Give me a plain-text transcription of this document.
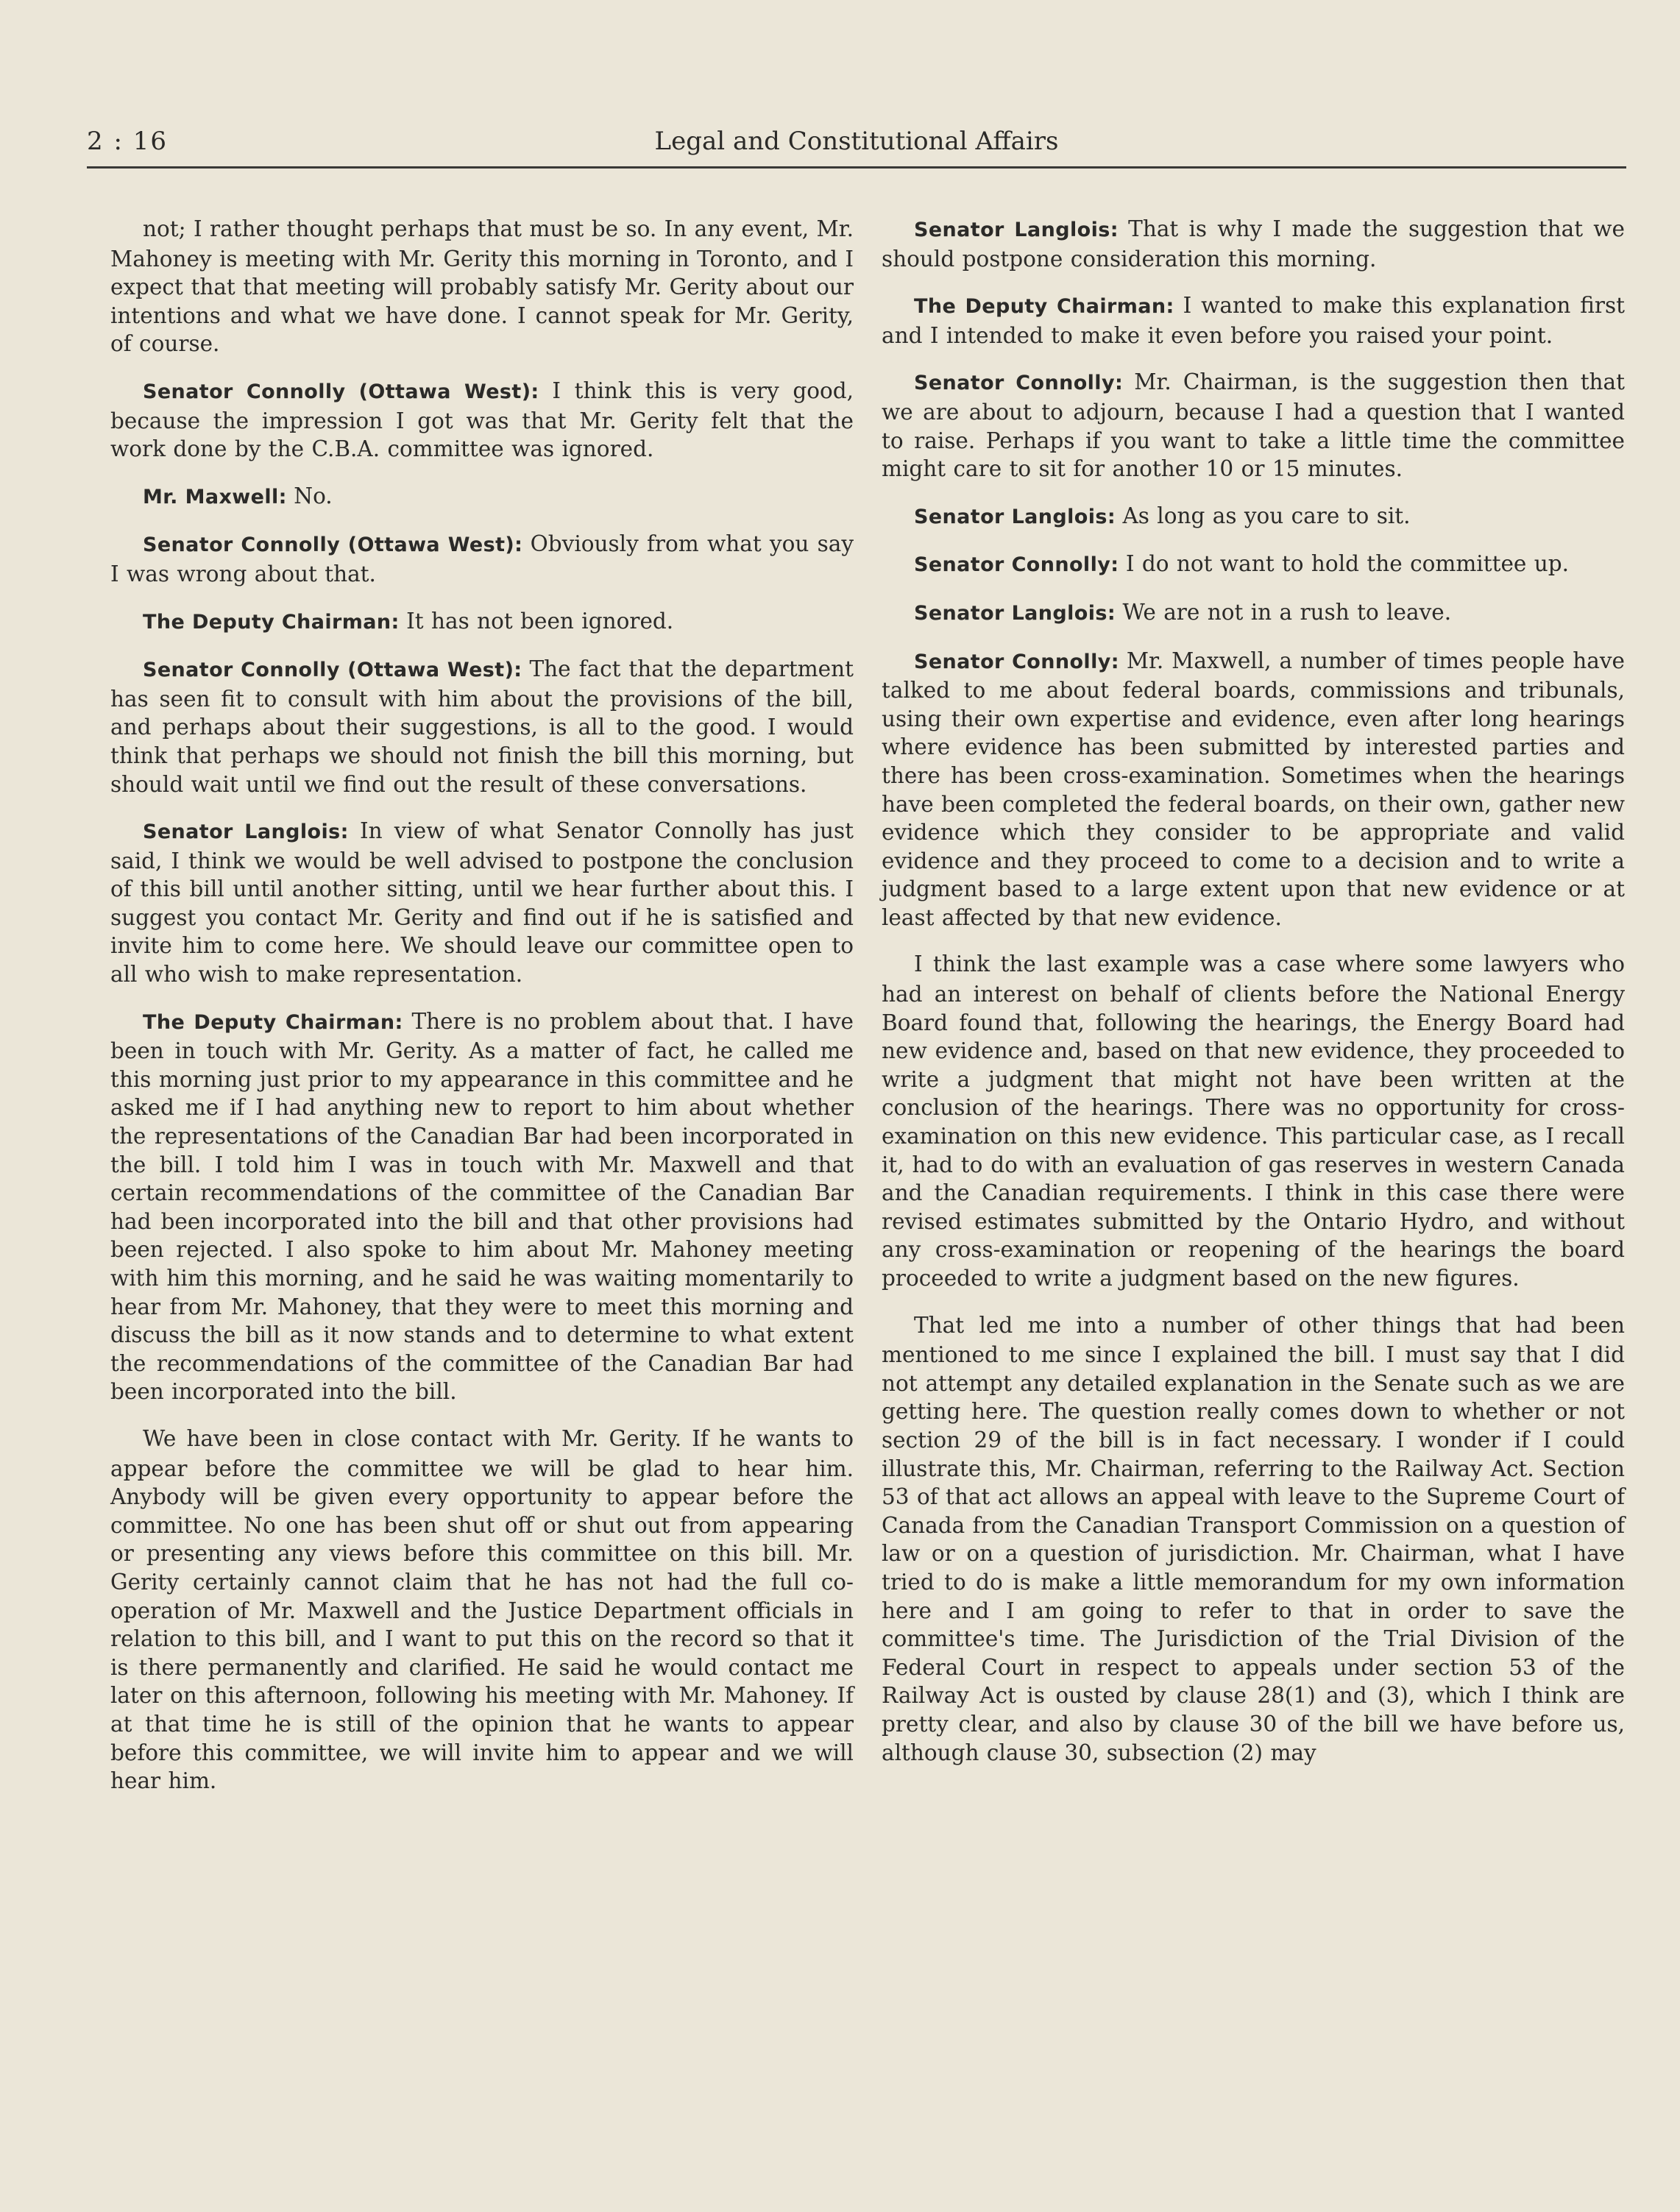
2 : 16	Legal and Constitutional Affairs

not; I rather thought perhaps that must be so. In any event, Mr. Mahoney is meeting with Mr. Gerity this morning in Toronto, and I expect that that meeting will probably satisfy Mr. Gerity about our intentions and what we have done. I cannot speak for Mr. Gerity, of course.

Senator Connolly (Ottawa West): I think this is very good, because the impression I got was that Mr. Gerity felt that the work done by the C.B.A. committee was ignored.

Mr. Maxwell: No.

Senator Connolly (Ottawa West): Obviously from what you say I was wrong about that.

The Deputy Chairman: It has not been ignored.

Senator Connolly (Ottawa West): The fact that the department has seen fit to consult with him about the provisions of the bill, and perhaps about their suggestions, is all to the good. I would think that perhaps we should not finish the bill this morning, but should wait until we find out the result of these conversations.

Senator Langlois: In view of what Senator Connolly has just said, I think we would be well advised to postpone the conclusion of this bill until another sitting, until we hear further about this. I suggest you contact Mr. Gerity and find out if he is satisfied and invite him to come here. We should leave our committee open to all who wish to make representation.

The Deputy Chairman: There is no problem about that. I have been in touch with Mr. Gerity. As a matter of fact, he called me this morning just prior to my appearance in this committee and he asked me if I had anything new to report to him about whether the representations of the Canadian Bar had been incorporated in the bill. I told him I was in touch with Mr. Maxwell and that certain recommendations of the committee of the Canadian Bar had been incorporated into the bill and that other provisions had been rejected. I also spoke to him about Mr. Mahoney meeting with him this morning, and he said he was waiting momentarily to hear from Mr. Mahoney, that they were to meet this morning and discuss the bill as it now stands and to determine to what extent the recommendations of the committee of the Canadian Bar had been incorporated into the bill.

We have been in close contact with Mr. Gerity. If he wants to appear before the committee we will be glad to hear him. Anybody will be given every opportunity to appear before the committee. No one has been shut off or shut out from appearing or presenting any views before this committee on this bill. Mr. Gerity certainly cannot claim that he has not had the full co-operation of Mr. Maxwell and the Justice Department officials in relation to this bill, and I want to put this on the record so that it is there permanently and clarified. He said he would contact me later on this afternoon, following his meeting with Mr. Mahoney. If at that time he is still of the opinion that he wants to appear before this committee, we will invite him to appear and we will hear him.

Senator Langlois: That is why I made the suggestion that we should postpone consideration this morning.

The Deputy Chairman: I wanted to make this explanation first and I intended to make it even before you raised your point.

Senator Connolly: Mr. Chairman, is the suggestion then that we are about to adjourn, because I had a question that I wanted to raise. Perhaps if you want to take a little time the committee might care to sit for another 10 or 15 minutes.

Senator Langlois: As long as you care to sit.

Senator Connolly: I do not want to hold the committee up.

Senator Langlois: We are not in a rush to leave.

Senator Connolly: Mr. Maxwell, a number of times people have talked to me about federal boards, commissions and tribunals, using their own expertise and evidence, even after long hearings where evidence has been submitted by interested parties and there has been cross-examination. Sometimes when the hearings have been completed the federal boards, on their own, gather new evidence which they consider to be appropriate and valid evidence and they proceed to come to a decision and to write a judgment based to a large extent upon that new evidence or at least affected by that new evidence.

I think the last example was a case where some lawyers who had an interest on behalf of clients before the National Energy Board found that, following the hearings, the Energy Board had new evidence and, based on that new evidence, they proceeded to write a judgment that might not have been written at the conclusion of the hearings. There was no opportunity for cross-examination on this new evidence. This particular case, as I recall it, had to do with an evaluation of gas reserves in western Canada and the Canadian requirements. I think in this case there were revised estimates submitted by the Ontario Hydro, and without any cross-examination or reopening of the hearings the board proceeded to write a judgment based on the new figures.

That led me into a number of other things that had been mentioned to me since I explained the bill. I must say that I did not attempt any detailed explanation in the Senate such as we are getting here. The question really comes down to whether or not section 29 of the bill is in fact necessary. I wonder if I could illustrate this, Mr. Chairman, referring to the Railway Act. Section 53 of that act allows an appeal with leave to the Supreme Court of Canada from the Canadian Transport Commission on a question of law or on a question of jurisdiction. Mr. Chairman, what I have tried to do is make a little memorandum for my own information here and I am going to refer to that in order to save the committee's time. The Jurisdiction of the Trial Division of the Federal Court in respect to appeals under section 53 of the Railway Act is ousted by clause 28(1) and (3), which I think are pretty clear, and also by clause 30 of the bill we have before us, although clause 30, subsection (2) may
